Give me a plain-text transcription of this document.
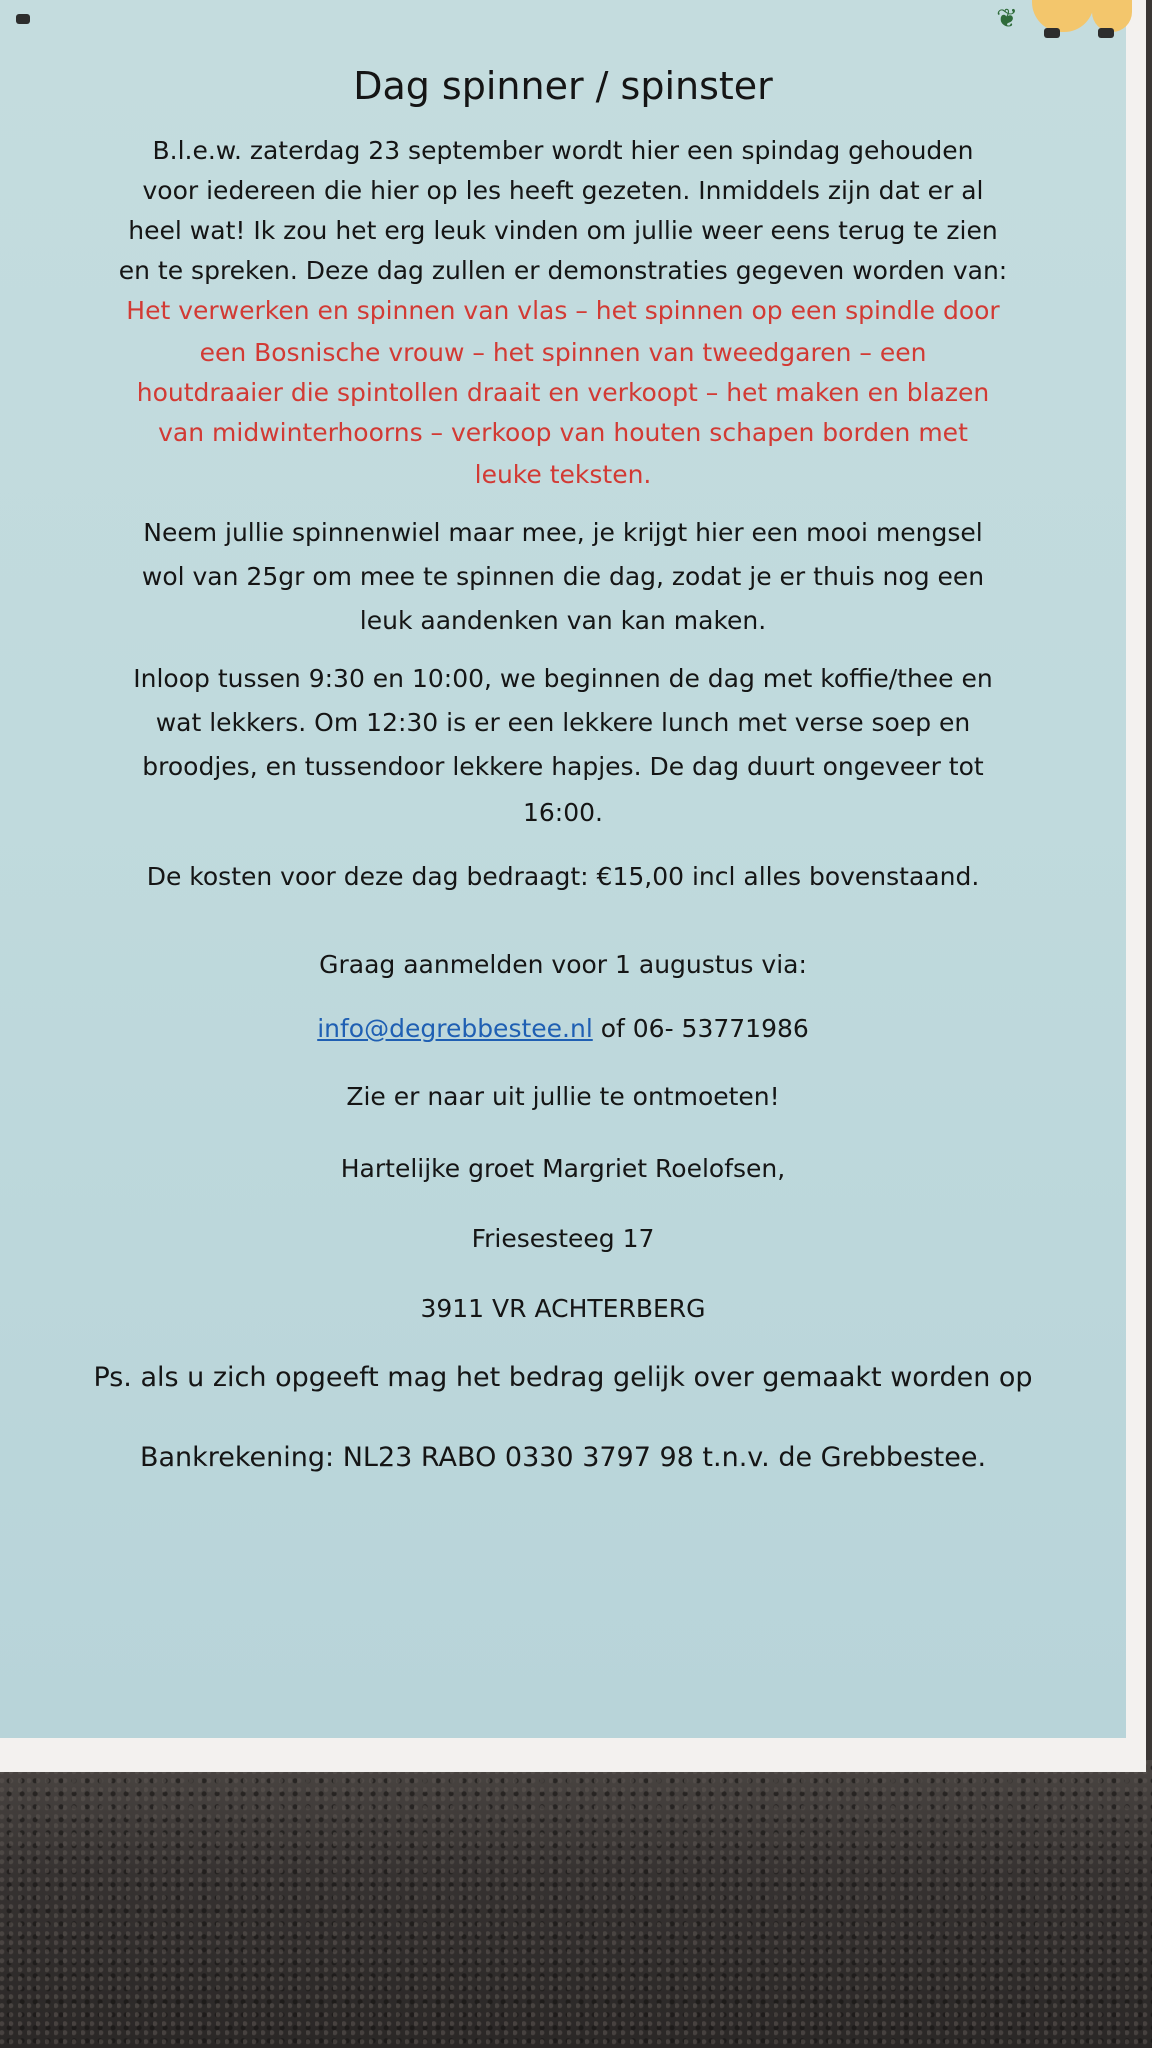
❦
Dag spinner / spinster
B.l.e.w. zaterdag 23 september wordt hier een spindag gehouden
voor iedereen die hier op les heeft gezeten. Inmiddels zijn dat er al
heel wat! Ik zou het erg leuk vinden om jullie weer eens terug te zien
en te spreken. Deze dag zullen er demonstraties gegeven worden van:
Het verwerken en spinnen van vlas – het spinnen op een spindle door
een Bosnische vrouw – het spinnen van tweedgaren – een
houtdraaier die spintollen draait en verkoopt – het maken en blazen
van midwinterhoorns – verkoop van houten schapen borden met
leuke teksten.
Neem jullie spinnenwiel maar mee, je krijgt hier een mooi mengsel
wol van 25gr om mee te spinnen die dag, zodat je er thuis nog een
leuk aandenken van kan maken.
Inloop tussen 9:30 en 10:00, we beginnen de dag met koffie/thee en
wat lekkers. Om 12:30 is er een lekkere lunch met verse soep en
broodjes, en tussendoor lekkere hapjes. De dag duurt ongeveer tot
16:00.
De kosten voor deze dag bedraagt: €15,00 incl alles bovenstaand.
Graag aanmelden voor 1 augustus via:
info@degrebbestee.nl of 06- 53771986
Zie er naar uit jullie te ontmoeten!
Hartelijke groet Margriet Roelofsen,
Friesesteeg 17
3911 VR ACHTERBERG
Ps. als u zich opgeeft mag het bedrag gelijk over gemaakt worden op
Bankrekening: NL23 RABO 0330 3797 98 t.n.v. de Grebbestee.
